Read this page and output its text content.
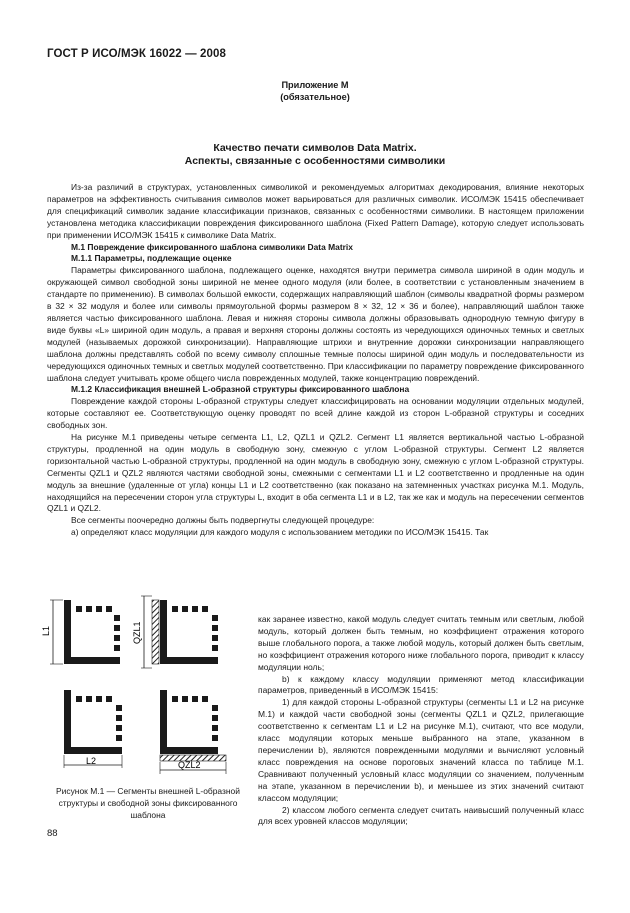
ГОСТ Р ИСО/МЭК 16022 — 2008
Приложение М
(обязательное)
Качество печати символов Data Matrix.
Аспекты, связанные с особенностями символики

Из-за различий в структурах, установленных символикой и рекомендуемых алгоритмах декодирования, влияние некоторых параметров на эффективность считывания символов может варьироваться для различных символик. ИСО/МЭК 15415 обеспечивает для спецификаций символик задание классификации признаков, связанных с особенностями символики. В настоящем приложении установлена методика классификации повреждения фиксированного шаблона (Fixed Pattern Damage), которую следует использовать при применении ИСО/МЭК 15415 к символике Data Matrix.

М.1 Повреждение фиксированного шаблона символики Data Matrix

М.1.1 Параметры, подлежащие оценке

Параметры фиксированного шаблона, подлежащего оценке, находятся внутри периметра символа шириной в один модуль и окружающей символ свободной зоны шириной не менее одного модуля (или более, в соответствии с установленным значением в стандарте по применению). В символах большой емкости, содержащих направляющий шаблон (символы квадратной формы размером в 32 × 32 модуля и более или символы прямоугольной формы размером 8 × 32, 12 × 36 и более), направляющий шаблон также является частью фиксированного шаблона. Левая и нижняя стороны символа должны образовывать однородную темную фигуру в виде буквы «L» шириной один модуль, а правая и верхняя стороны должны состоять из чередующихся одиночных темных и светлых модулей (называемых дорожкой синхронизации). Направляющие штрихи и внутренние дорожки синхронизации направляющего шаблона должны представлять собой по всему символу сплошные темные полосы шириной один модуль и последовательности из чередующихся одиночных темных и светлых модулей соответственно. При классификации по параметру повреждение фиксированного шаблона следует учитывать кроме общего числа поврежденных модулей, также концентрацию повреждений.

М.1.2 Классификация внешней L-образной структуры фиксированного шаблона

Повреждение каждой стороны L-образной структуры следует классифицировать на основании модуляции отдельных модулей, которые составляют ее. Соответствующую оценку проводят по всей длине каждой из сторон L-образной структуры и соседних свободных зон.

На рисунке М.1 приведены четыре сегмента L1, L2, QZL1 и QZL2. Сегмент L1 является вертикальной частью L-образной структуры, продленной на один модуль в свободную зону, смежную с углом L-образной структуры. Сегмент L2 является горизонтальной частью L-образной структуры, продленной на один модуль в свободную зону, смежную с углом L-образной структуры. Сегменты QZL1 и QZL2 являются частями свободной зоны, смежными с сегментами L1 и L2 соответственно и продленные на один модуль за внешние (удаленные от угла) концы L1 и L2 соответственно (как показано на затемненных участках рисунка М.1. Модуль, находящийся на пересечении сторон угла структуры L, входит в оба сегмента L1 и в L2, так же как и модуль на пересечении сегментов QZL1 и QZL2.

Все сегменты поочередно должны быть подвергнуты следующей процедуре:

а) определяют класс модуляции для каждого модуля с использованием методики по ИСО/МЭК 15415. Так

как заранее известно, какой модуль следует считать темным или светлым, любой модуль, который должен быть темным, но коэффициент отражения которого выше глобального порога, а также любой модуль, который должен быть светлым, но коэффициент отражения которого ниже глобального порога, приводит к классу модуляции ноль;

b) к каждому классу модуляции применяют метод классификации параметров, приведенный в ИСО/МЭК 15415:

1) для каждой стороны L-образной структуры (сегменты L1 и L2 на рисунке М.1) и каждой части свободной зоны (сегменты QZL1 и QZL2, прилегающие соответственно к сегментам L1 и L2 на рисунке М.1), считают, что все модули, класс модуляции которых меньше выбранного на этапе, указанном в перечислении b), являются поврежденными модулями и вычисляют условный класс повреждения на основе пороговых значений класса по таблице М.1. Сравнивают полученный условный класс модуляции со значением, полученным на этапе, указанном в перечислении b), и меньшее из этих значений считают классом модуляции;

2) классом любого сегмента следует считать наивысший полученный класс для всех уровней классов модуляции;

L1	QZL1
L2	QZL2
Рисунок М.1 — Сегменты внешней L-образной структуры и свободной зоны фиксированного шаблона
88
